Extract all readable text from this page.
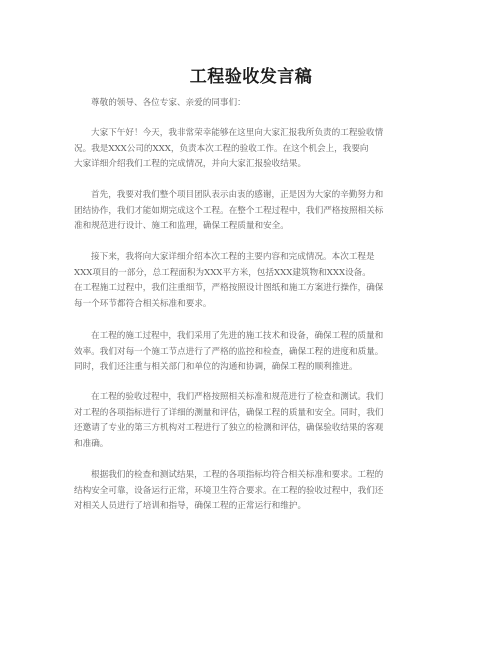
工程验收发言稿

尊敬的领导、各位专家、亲爱的同事们：

大家下午好！今天，我非常荣幸能够在这里向大家汇报我所负责的工程验收情
况。我是XXX公司的XXX，负责本次工程的验收工作。在这个机会上，我要向
大家详细介绍我们工程的完成情况，并向大家汇报验收结果。

首先，我要对我们整个项目团队表示由衷的感谢，正是因为大家的辛勤努力和
团结协作，我们才能如期完成这个工程。在整个工程过程中，我们严格按照相关标
准和规范进行设计、施工和监理，确保工程质量和安全。

接下来，我将向大家详细介绍本次工程的主要内容和完成情况。本次工程是
XXX项目的一部分，总工程面积为XXX平方米，包括XXX建筑物和XXX设备。
在工程施工过程中，我们注重细节，严格按照设计图纸和施工方案进行操作，确保
每一个环节都符合相关标准和要求。

在工程的施工过程中，我们采用了先进的施工技术和设备，确保工程的质量和
效率。我们对每一个施工节点进行了严格的监控和检查，确保工程的进度和质量。
同时，我们还注重与相关部门和单位的沟通和协调，确保工程的顺利推进。

在工程的验收过程中，我们严格按照相关标准和规范进行了检查和测试。我们
对工程的各项指标进行了详细的测量和评估，确保工程的质量和安全。同时，我们
还邀请了专业的第三方机构对工程进行了独立的检测和评估，确保验收结果的客观
和准确。

根据我们的检查和测试结果，工程的各项指标均符合相关标准和要求。工程的
结构安全可靠，设备运行正常，环境卫生符合要求。在工程的验收过程中，我们还
对相关人员进行了培训和指导，确保工程的正常运行和维护。
